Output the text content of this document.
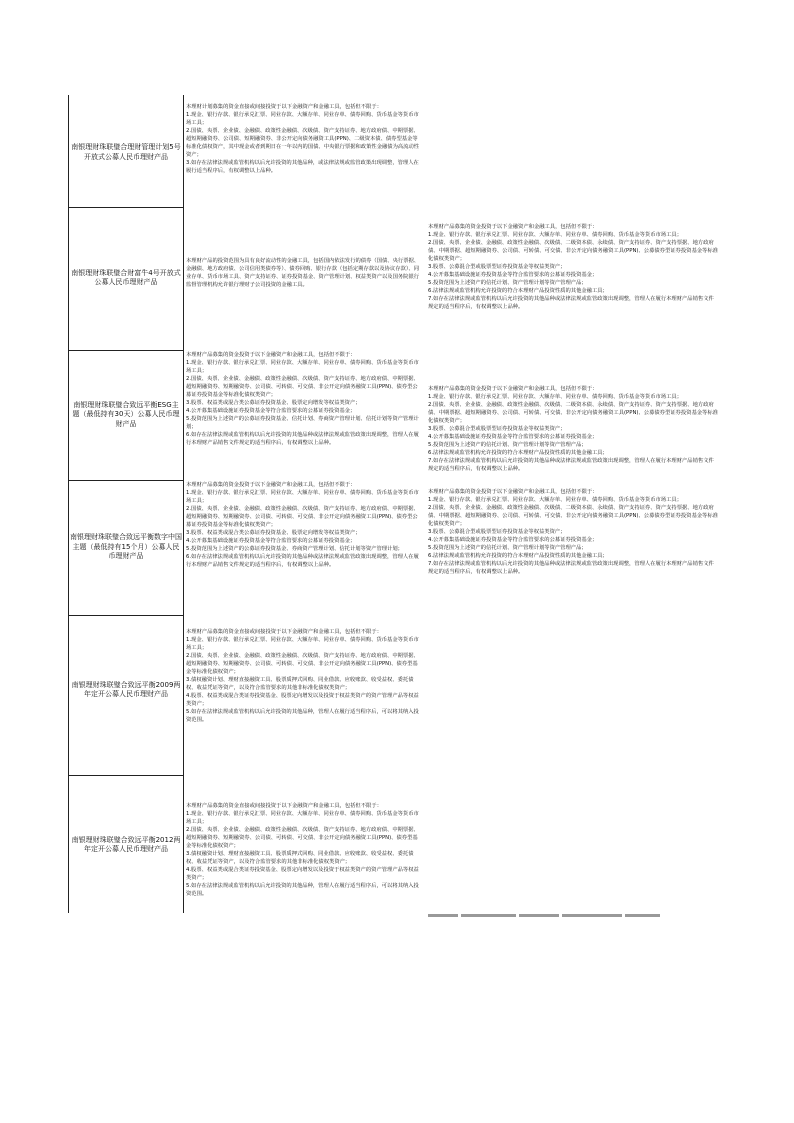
南银理财珠联璧合理财管理计划5号开放式公募人民币理财产品
本理财计划募集的资金直接或间接投资于以下金融资产和金融工具，包括但不限于：
1.现金、银行存款、银行承兑汇票、同业存款、大额存单、同业存单、债券回购、货币基金等货币市场工具；
2.国债、央票、企业债、金融债、政策性金融债、次级债、资产支持证券、地方政府债、中期票据、超短期融资券、公司债、短期融资券、非公开定向债务融资工具(PPN)、二级资本债、债券型基金等标准化债权资产，其中现金或者到期日在一年以内的国债、中央银行票据和政策性金融债为高流动性资产；
3.如存在法律法规或监管机构以后允许投资的其他品种，或法律法规或监管政策出现调整，管理人在履行适当程序后，有权调整以上品种。
南银理财珠联璧合财富牛4号开放式公募人民币理财产品
本理财产品的投资范围为具有良好流动性的金融工具，包括国内依法发行的债券（国债、央行票据、金融债、地方政府债、公司信用类债券等）、债券回购、银行存款（包括定期存款以及协议存款）、同业存单、货币市场工具、资产支持证券、证券投资基金、资产管理计划、权益类资产以及国务院银行监督管理机构允许银行理财子公司投资的金融工具。
本理财产品募集的资金投资于以下金融资产和金融工具，包括但不限于：
1.现金、银行存款、银行承兑汇票、同业存款、大额存单、同业存单、债券回购、货币基金等货币市场工具；
2.国债、央票、企业债、金融债、政策性金融债、次级债、二级资本债、永续债、资产支持证券、资产支持票据、地方政府债、中期票据、超短期融资券、公司债、可转债、可交债、非公开定向债务融资工具(PPN)、公募债券型证券投资基金等标准化债权类资产；
3.股票、公募混合型或股票型证券投资基金等权益类资产；
4.公开募集基础设施证券投资基金等符合监管要求的公募证券投资基金；
5.投资范围为上述资产的信托计划、资产管理计划等资产管理产品；
6.法律法规或监管机构允许投资的符合本理财产品投资性质的其他金融工具；
7.如存在法律法规或监管机构以后允许投资的其他品种或法律法规或监管政策出现调整，管理人在履行本理财产品销售文件规定的适当程序后，有权调整以上品种。
南银理财珠联璧合致远平衡ESG主题（最低持有30天）公募人民币理财产品
本理财产品募集的资金投资于以下金融资产和金融工具，包括但不限于：
1.现金、银行存款、银行承兑汇票、同业存款、大额存单、同业存单、债券回购、货币基金等货币市场工具；
2.国债、央票、企业债、金融债、政策性金融债、次级债、资产支持证券、地方政府债、中期票据、超短期融资券、短期融资券、公司债、可转债、可交债、非公开定向债务融资工具(PPN)、债券型公募证券投资基金等标准化债权类资产；
3.股票、权益类或混合类公募证券投资基金、股票定向增发等权益类资产；
4.公开募集基础设施证券投资基金等符合监管要求的公募证券投资基金；
5.投资范围为上述资产的公募证券投资基金、信托计划、券商资产管理计划、信托计划等资产管理计划；
6.如存在法律法规或监管机构以后允许投资的其他品种或法律法规或监管政策出现调整，管理人在履行本理财产品销售文件规定的适当程序后，有权调整以上品种。
本理财产品募集的资金投资于以下金融资产和金融工具，包括但不限于：
1.现金、银行存款、银行承兑汇票、同业存款、大额存单、同业存单、债券回购、货币基金等货币市场工具；
2.国债、央票、企业债、金融债、政策性金融债、次级债、二级资本债、永续债、资产支持证券、资产支持票据、地方政府债、中期票据、超短期融资券、公司债、可转债、可交债、非公开定向债务融资工具(PPN)、公募债券型证券投资基金等标准化债权类资产；
3.股票、公募混合型或股票型证券投资基金等权益类资产；
4.公开募集基础设施证券投资基金等符合监管要求的公募证券投资基金；
5.投资范围为上述资产的信托计划、资产管理计划等资产管理产品；
6.法律法规或监管机构允许投资的符合本理财产品投资性质的其他金融工具；
7.如存在法律法规或监管机构以后允许投资的其他品种或法律法规或监管政策出现调整，管理人在履行本理财产品销售文件规定的适当程序后，有权调整以上品种。
南银理财珠联璧合致远平衡数字中国主题（最低持有15个月）公募人民币理财产品
本理财产品募集的资金投资于以下金融资产和金融工具，包括但不限于：
1.现金、银行存款、银行承兑汇票、同业存款、大额存单、同业存单、债券回购、货币基金等货币市场工具；
2.国债、央票、企业债、金融债、政策性金融债、次级债、资产支持证券、地方政府债、中期票据、超短期融资券、短期融资券、公司债、可转债、可交债、非公开定向债务融资工具(PPN)、债券型公募证券投资基金等标准化债权类资产；
3.股票、权益类或混合类公募证券投资基金、股票定向增发等权益类资产；
4.公开募集基础设施证券投资基金等符合监管要求的公募证券投资基金；
5.投资范围为上述资产的公募证券投资基金、券商资产管理计划、信托计划等资产管理计划；
6.如存在法律法规或监管机构以后允许投资的其他品种或法律法规或监管政策出现调整，管理人在履行本理财产品销售文件规定的适当程序后，有权调整以上品种。
本理财产品募集的资金投资于以下金融资产和金融工具，包括但不限于：
1.现金、银行存款、银行承兑汇票、同业存款、大额存单、同业存单、债券回购、货币基金等货币市场工具；
2.国债、央票、企业债、金融债、政策性金融债、次级债、二级资本债、永续债、资产支持证券、资产支持票据、地方政府债、中期票据、超短期融资券、公司债、可转债、可交债、非公开定向债务融资工具(PPN)、公募债券型证券投资基金等标准化债权类资产；
3.股票、公募混合型或股票型证券投资基金等权益类资产；
4.公开募集基础设施证券投资基金等符合监管要求的公募证券投资基金；
5.投资范围为上述资产的信托计划、资产管理计划等资产管理产品；
6.法律法规或监管机构允许投资的符合本理财产品投资性质的其他金融工具；
7.如存在法律法规或监管机构以后允许投资的其他品种或法律法规或监管政策出现调整，管理人在履行本理财产品销售文件规定的适当程序后，有权调整以上品种。
南银理财珠联璧合致远平衡2009两年定开公募人民币理财产品
本理财产品募集的资金直接或间接投资于以下金融资产和金融工具，包括但不限于：
1.现金、银行存款、银行承兑汇票、同业存款、大额存单、同业存单、债券回购、货币基金等货币市场工具；
2.国债、央票、企业债、金融债、政策性金融债、次级债、资产支持证券、地方政府债、中期票据、超短期融资券、短期融资券、公司债、可转债、可交债、非公开定向债务融资工具(PPN)、债券型基金等标准化债权资产；
3.债权融资计划、理财直接融资工具、股票质押式回购、同业借款、应收账款、收受益权、委托债权、收益凭证等资产，以及符合监管要求的其他非标准化债权类资产；
4.股票、权益类或混合类证券投资基金、股票定向增发以及投资于权益类资产的资产管理产品等权益类资产；
5.如存在法律法规或监管机构以后允许投资的其他品种，管理人在履行适当程序后，可以将其纳入投资范围。
南银理财珠联璧合致远平衡2012两年定开公募人民币理财产品
本理财产品募集的资金直接或间接投资于以下金融资产和金融工具，包括但不限于：
1.现金、银行存款、银行承兑汇票、同业存款、大额存单、同业存单、债券回购、货币基金等货币市场工具；
2.国债、央票、企业债、金融债、政策性金融债、次级债、资产支持证券、地方政府债、中期票据、超短期融资券、短期融资券、公司债、可转债、可交债、非公开定向债务融资工具(PPN)、债券型基金等标准化债权资产；
3.债权融资计划、理财直接融资工具、股票质押式回购、同业借款、应收账款、收受益权、委托债权、收益凭证等资产，以及符合监管要求的其他非标准化债权类资产；
4.股票、权益类或混合类证券投资基金、股票定向增发以及投资于权益类资产的资产管理产品等权益类资产；
5.如存在法律法规或监管机构以后允许投资的其他品种，管理人在履行适当程序后，可以将其纳入投资范围。
